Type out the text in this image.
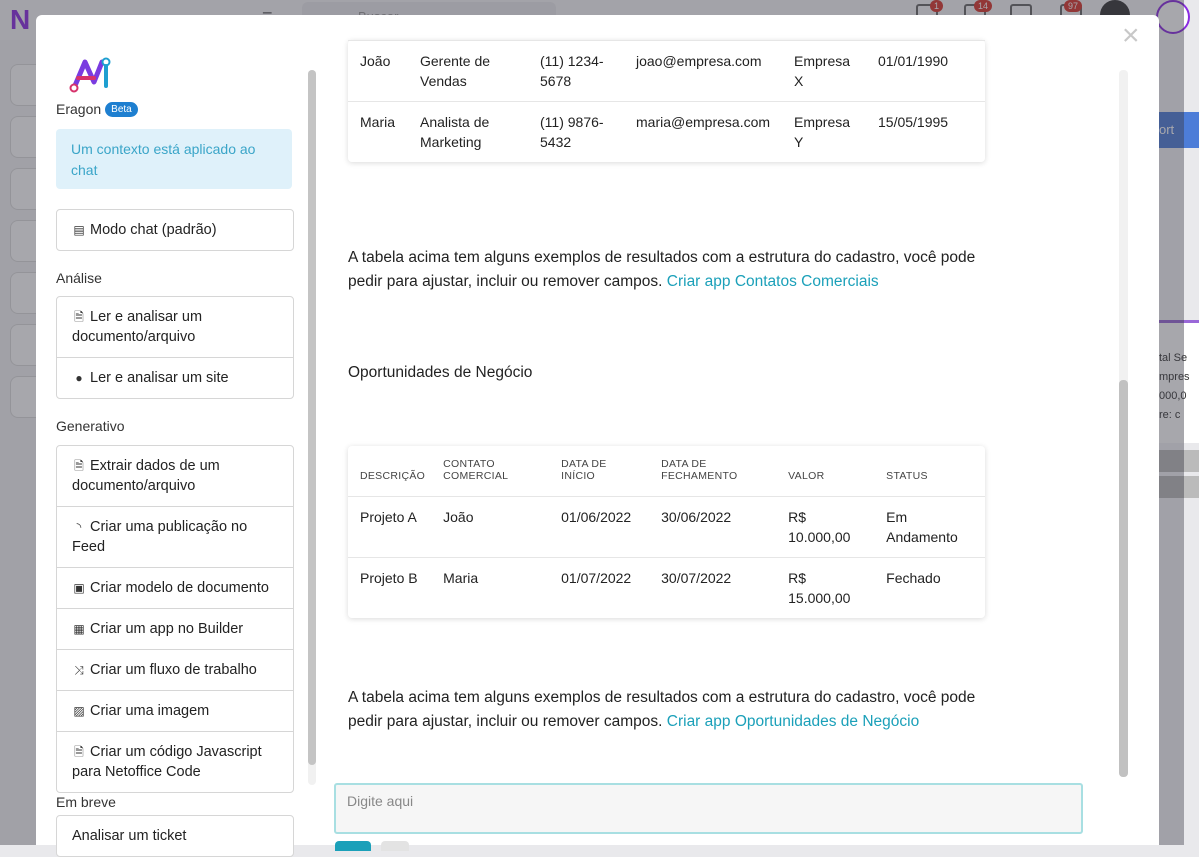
N	1	14	97
ort
tal Se
mpres
000,0
re: c
×
Eragon	Beta
Um contexto está aplicado ao chat
▤ Modo chat (padrão)
Análise
🗎 Ler e analisar um documento/arquivo
● Ler e analisar um site
Generativo
🗎 Extrair dados de um documento/arquivo
◝ Criar uma publicação no Feed
▣ Criar modelo de documento
▦ Criar um app no Builder
⤨ Criar um fluxo de trabalho
▨ Criar uma imagem
🗎 Criar um código Javascript para Netoffice Code
Em breve
Analisar um ticket
João	Gerente de Vendas	(11) 1234-5678	joao@empresa.com	Empresa X	01/01/1990
Maria	Analista de Marketing	(11) 9876-5432	maria@empresa.com	Empresa Y	15/05/1995
A tabela acima tem alguns exemplos de resultados com a estrutura do cadastro, você pode pedir para ajustar, incluir ou remover campos. Criar app Contatos Comerciais
Oportunidades de Negócio
DESCRIÇÃO	CONTATO COMERCIAL	DATA DE INÍCIO	DATA DE FECHAMENTO	VALOR	STATUS
Projeto A	João	01/06/2022	30/06/2022	R$ 10.000,00	Em Andamento
Projeto B	Maria	01/07/2022	30/07/2022	R$ 15.000,00	Fechado
A tabela acima tem alguns exemplos de resultados com a estrutura do cadastro, você pode pedir para ajustar, incluir ou remover campos. Criar app Oportunidades de Negócio
Digite aqui
